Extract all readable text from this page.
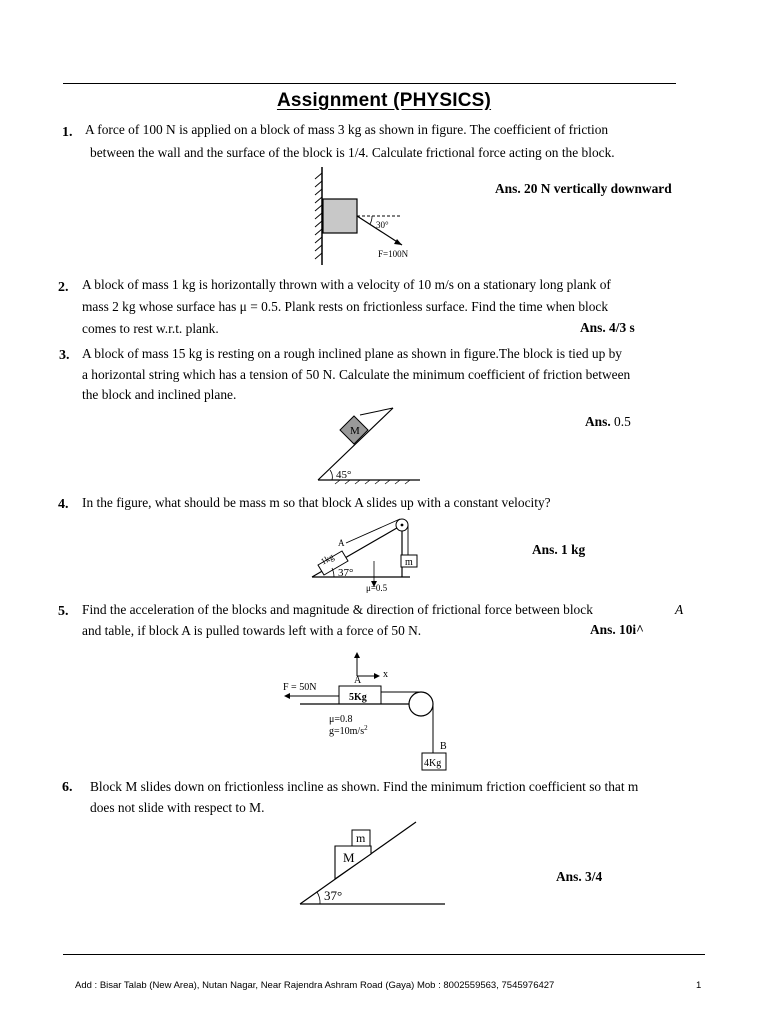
Assignment (PHYSICS)
1. A force of 100 N is applied on a block of mass 3 kg as shown in figure. The coefficient of friction
between the wall and the surface of the block is 1/4. Calculate frictional force acting on the block.
Ans. 20 N vertically downward
30°
F=100N
2. A block of mass 1 kg is horizontally thrown with a velocity of 10 m/s on a stationary long plank of
mass 2 kg whose surface has μ = 0.5. Plank rests on frictionless surface. Find the time when block
comes to rest w.r.t. plank.	Ans. 4/3 s
3. A block of mass 15 kg is resting on a rough inclined plane as shown in figure.The block is tied up by
a horizontal string which has a tension of 50 N. Calculate the minimum coefficient of friction between
the block and inclined plane.
Ans. 0.5
M
45°
4. In the figure, what should be mass m so that block A slides up with a constant velocity?
Ans. 1 kg
m
1kg
A
37°
μ=0.5
5. Find the acceleration of the blocks and magnitude & direction of frictional force between block	A
and table, if block A is pulled towards left with a force of 50 N.	Ans. 10i^
x
F = 50N
A
5Kg
μ=0.8
$g=10m/s^2$
B
4Kg
6. Block M slides down on frictionless incline as shown. Find the minimum friction coefficient so that m
does not slide with respect to M.
Ans. 3/4
M
m
37°
Add : Bisar Talab (New Area), Nutan Nagar, Near Rajendra Ashram Road (Gaya) Mob : 8002559563, 7545976427	1
